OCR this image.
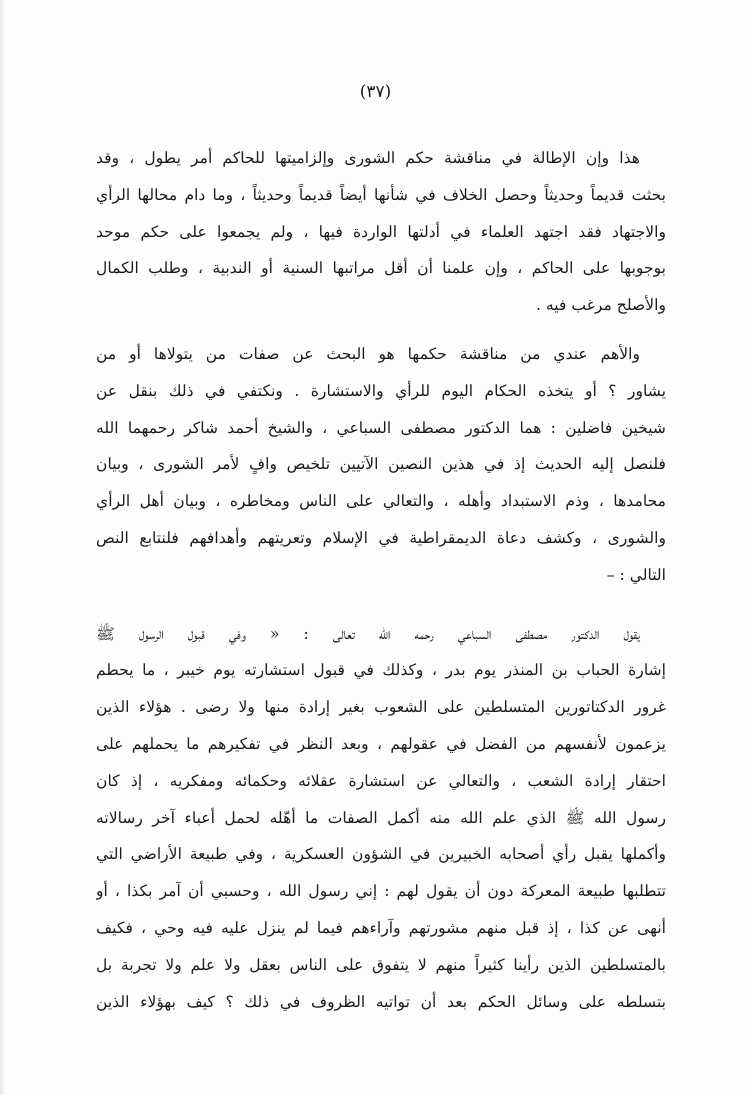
(٣٧)
هذا وإن الإطالة في مناقشة حكم الشورى وإلزاميتها للحاكم أمر يطول ، وقد
بحثت قديماً وحديثاً وحصل الخلاف في شأنها أيضاً قديماً وحديثاً ، وما دام محالها الرأي
والاجتهاد فقد اجتهد العلماء في أدلتها الواردة فيها ، ولم يجمعوا على حكم موحد
بوجوبها على الحاكم ، وإن علمنا أن أقل مراتبها السنية أو الندبية ، وطلب الكمال
والأصلح مرغب فيه .
والأهم عندي من مناقشة حكمها هو البحث عن صفات من يتولاها أو من
يشاور ؟ أو يتخذه الحكام اليوم للرأي والاستشارة . ونكتفي في ذلك بنقل عن
شيخين فاضلين : هما الدكتور مصطفى السباعي ، والشيخ أحمد شاكر رحمهما الله
فلنصل إليه الحديث إذ في هذين النصين الآتيين تلخيص وافٍ لأمر الشورى ، وبيان
محامدها ، وذم الاستبداد وأهله ، والتعالي على الناس ومخاطره ، وبيان أهل الرأي
والشورى ، وكشف دعاة الديمقراطية في الإسلام وتعريتهم وأهدافهم فلنتابع النص
التالي : –
يقول الدكتور مصطفى السباعي رحمه الله تعالى : « وفي قبول الرسول ﷺ
إشارة الحباب بن المنذر يوم بدر ، وكذلك في قبول استشارته يوم خيبر ، ما يحطم
غرور الدكتاتورين المتسلطين على الشعوب بغير إرادة منها ولا رضى . هؤلاء الذين
يزعمون لأنفسهم من الفضل في عقولهم ، وبعد النظر في تفكيرهم ما يحملهم على
احتقار إرادة الشعب ، والتعالي عن استشارة عقلائه وحكمائه ومفكريه ، إذ كان
رسول الله ﷺ الذي علم الله منه أكمل الصفات ما أهّله لحمل أعباء آخر رسالاته
وأكملها يقبل رأي أصحابه الخبيرين في الشؤون العسكرية ، وفي طبيعة الأراضي التي
تتطلبها طبيعة المعركة دون أن يقول لهم : إني رسول الله ، وحسبي أن آمر بكذا ، أو
أنهى عن كذا ، إذ قبل منهم مشورتهم وآراءهم فيما لم ينزل عليه فيه وحي ، فكيف
بالمتسلطين الذين رأينا كثيراً منهم لا يتفوق على الناس بعقل ولا علم ولا تجربة بل
بتسلطه على وسائل الحكم بعد أن تواتيه الظروف في ذلك ؟ كيف بهؤلاء الذين
